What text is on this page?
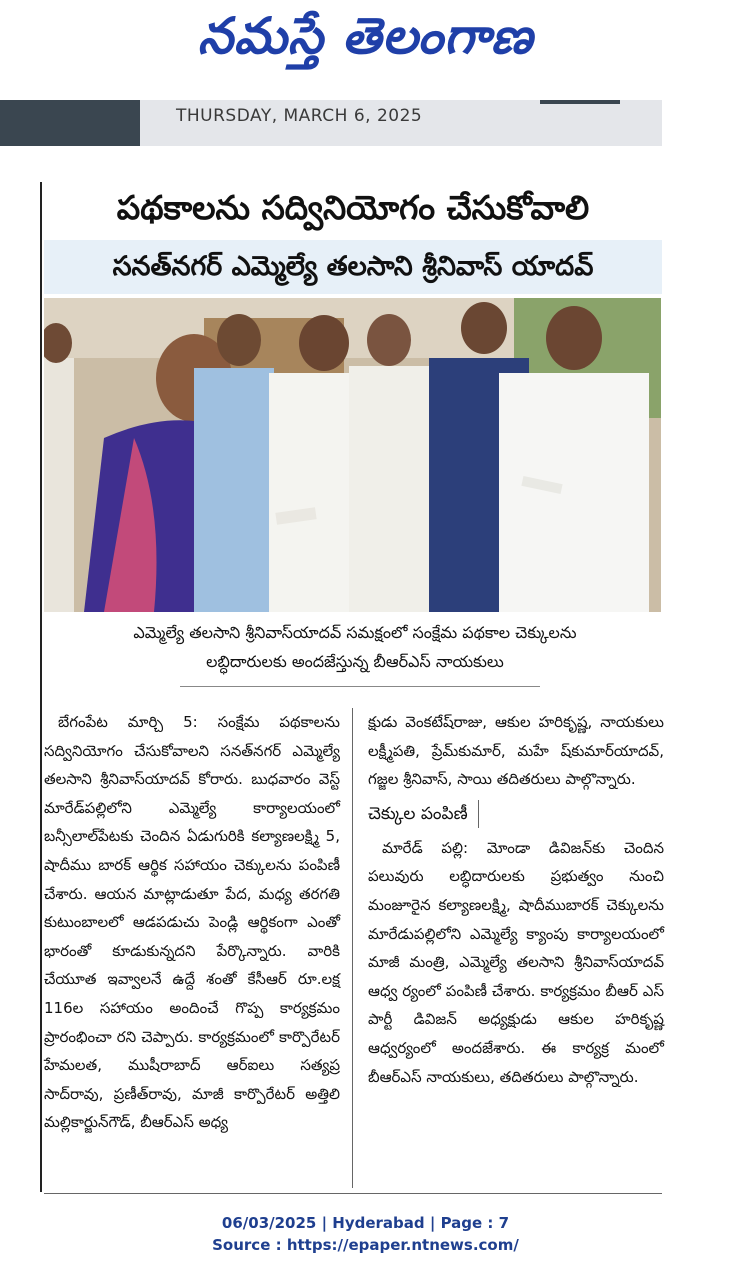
నమస్తే తెలంగాణ
THURSDAY, MARCH 6, 2025
పథకాలను సద్వినియోగం చేసుకోవాలి
సనత్‌నగర్ ఎమ్మెల్యే తలసాని శ్రీనివాస్ యాదవ్
ఎమ్మెల్యే తలసాని శ్రీనివాస్‌యాదవ్ సమక్షంలో సంక్షేమ పథకాల చెక్కులను
లబ్ధిదారులకు అందజేస్తున్న బీఆర్‌ఎస్ నాయకులు

బేగంపేట మార్చి 5: సంక్షేమ పథకాలను సద్వినియోగం చేసుకోవాలని సనత్‌నగర్ ఎమ్మెల్యే తలసాని శ్రీనివాస్‌యాదవ్ కోరారు. బుధవారం వెస్ట్ మారేడ్‌పల్లిలోని ఎమ్మెల్యే కార్యాలయంలో బన్సీలాల్‌పేటకు చెందిన ఏడుగురికి కల్యాణలక్ష్మి 5, షాదీము బారక్ ఆర్థిక సహాయం చెక్కులను పంపిణీ చేశారు. ఆయన మాట్లాడుతూ పేద, మధ్య తరగతి కుటుంబాలలో ఆడపడుచు పెండ్లి ఆర్థికంగా ఎంతో భారంతో కూడుకున్నదని పేర్కొన్నారు. వారికి చేయూత ఇవ్వాలనే ఉద్దే శంతో కేసీఆర్ రూ.లక్ష 116ల సహాయం అందించే గొప్ప కార్యక్రమం ప్రారంభించా రని చెప్పారు. కార్యక్రమంలో కార్పొరేటర్ హేమలత, ముషీరాబాద్ ఆర్‌ఐలు సత్యప్ర సాద్‌రావు, ప్రణీత్‌రావు, మాజీ కార్పొరేటర్ అత్తిలి మల్లికార్జున్‌గౌడ్, బీఆర్‌ఎస్ అధ్య

క్షుడు వెంకటేష్‌రాజు, ఆకుల హరికృష్ణ, నాయకులు లక్ష్మీపతి, ప్రేమ్‌కుమార్, మహే ష్‌కుమార్‌యాదవ్, గజ్జల శ్రీనివాస్, సాయి తదితరులు పాల్గొన్నారు.

చెక్కుల పంపిణీ

మారేడ్ పల్లి: మోండా డివిజన్‌కు చెందిన పలువురు లబ్ధిదారులకు ప్రభుత్వం నుంచి మంజూరైన కల్యాణలక్ష్మి, షాదీముబారక్ చెక్కులను మారేడుపల్లిలోని ఎమ్మెల్యే క్యాంపు కార్యాలయంలో మాజీ మంత్రి, ఎమ్మెల్యే తలసాని శ్రీనివాస్‌యాదవ్ ఆధ్వ ర్యంలో పంపిణీ చేశారు. కార్యక్రమం బీఆర్ ఎస్ పార్టీ డివిజన్ అధ్యక్షుడు ఆకుల హరికృష్ణ ఆధ్వర్యంలో అందజేశారు. ఈ కార్యక్ర మంలో బీఆర్‌ఎస్ నాయకులు, తదితరులు పాల్గొన్నారు.

06/03/2025 | Hyderabad | Page : 7
Source : https://epaper.ntnews.com/
